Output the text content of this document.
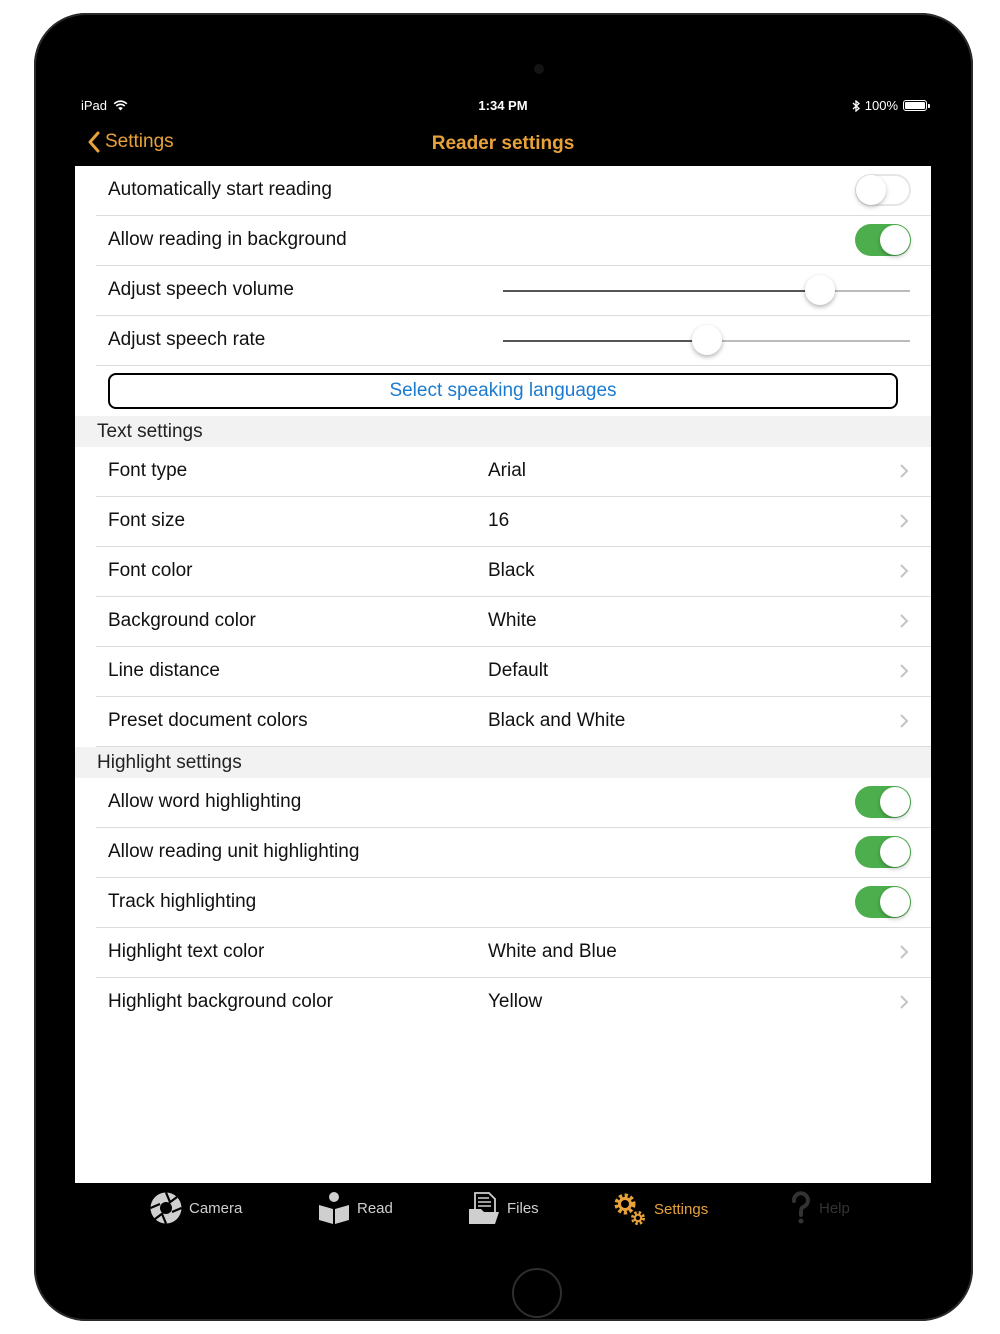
iPad	1:34 PM	100%
Settings	Reader settings
Automatically start reading
Allow reading in background
Adjust speech volume
Adjust speech rate
Select speaking languages
Text settings
Font type	Arial
Font size	16
Font color	Black
Background color	White
Line distance	Default
Preset document colors	Black and White
Highlight settings
Allow word highlighting
Allow reading unit highlighting
Track highlighting
Highlight text color	White and Blue
Highlight background color	Yellow
Camera	Read	Files	Settings	Help
